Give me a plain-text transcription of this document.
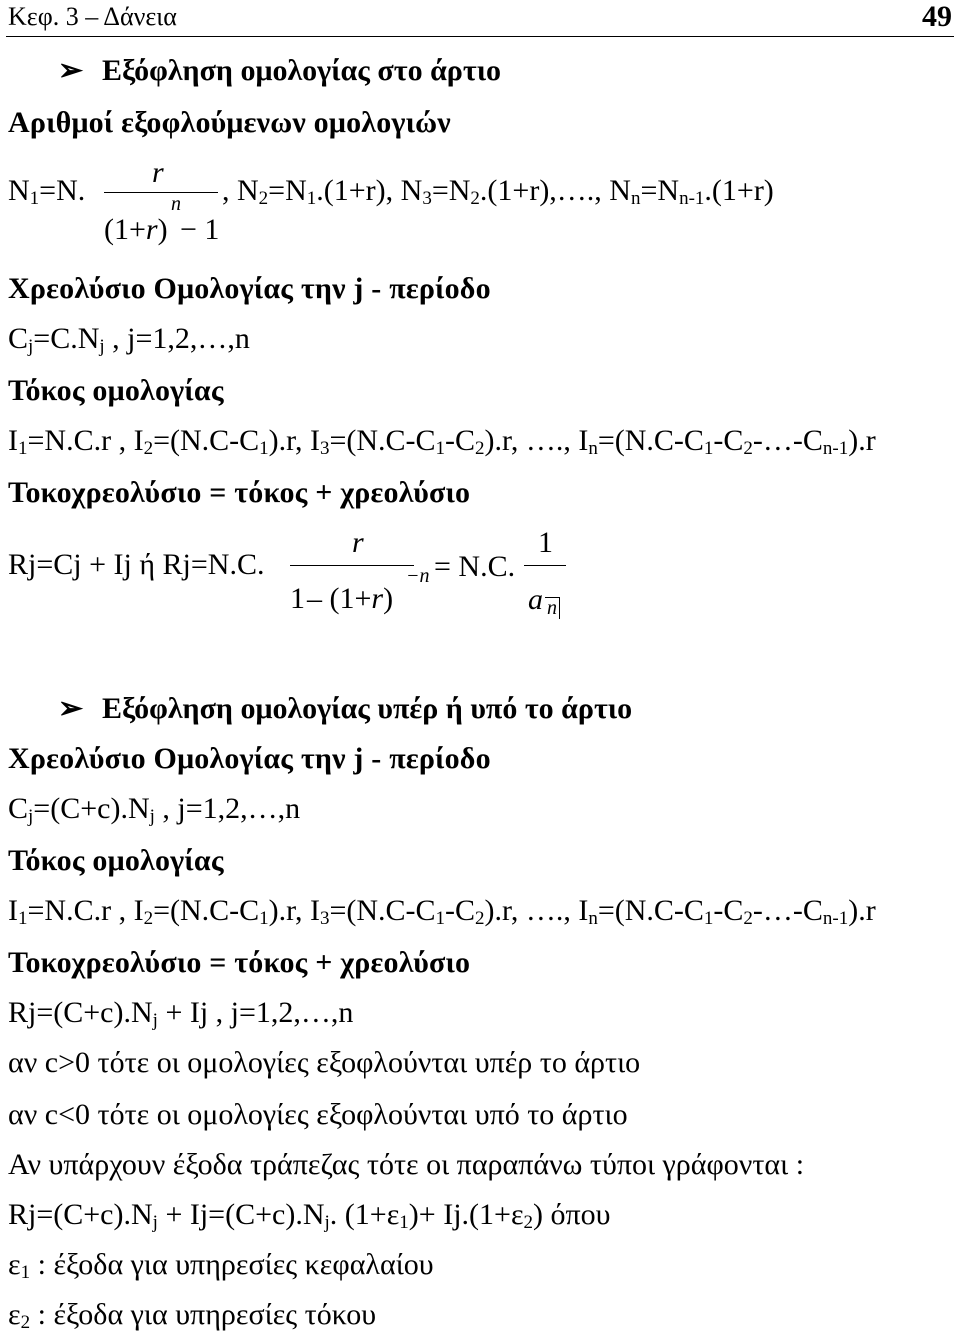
Κεφ. 3 – Δάνεια	49
➢ Εξόφληση ομολογίας στο άρτιο
Αριθμοί εξοφλούμενων ομολογιών
$N_1=N$.
r
(1+r)
n
− 1
, $N_2=N_1.(1+r)$, $N_3=N_2.(1+r),\dots$., $N_n=N_{n-1}.(1+r)$
Χρεολύσιο Ομολογίας την j - περίοδο
$C_j=C.N_j$ , j=1,2,…,n
Τόκος ομολογίας
$I_1=N.C.r$ , $I_2=(N.C-C_1).r$, $I_3=(N.C-C_1-C_2).r$, …., $I_n=(N.C-C_1-C_2-\dots-C_{n-1}).r$
Τοκοχρεολύσιο = τόκος + χρεολύσιο
Rj=Cj + Ij ή Rj=N.C.
r
−n
1 – (1+r)
= N.C.
1
a n
➢ Εξόφληση ομολογίας υπέρ ή υπό το άρτιο
Χρεολύσιο Ομολογίας την j - περίοδο
$C_j=(C+c).N_j$ , j=1,2,…,n
Τόκος ομολογίας
$I_1=N.C.r$ , $I_2=(N.C-C_1).r$, $I_3=(N.C-C_1-C_2).r$, …., $I_n=(N.C-C_1-C_2-\dots-C_{n-1}).r$
Τοκοχρεολύσιο = τόκος + χρεολύσιο
$Rj=(C+c).N_j + Ij$ , j=1,2,…,n
αν c>0 τότε οι ομολογίες εξοφλούνται υπέρ το άρτιο
αν c<0 τότε οι ομολογίες εξοφλούνται υπό το άρτιο
Αν υπάρχουν έξοδα τράπεζας τότε οι παραπάνω τύποι γράφονται :
$Rj=(C+c).N_j + Ij=(C+c).N_j$. $(1+\varepsilon_1)+ Ij.(1+\varepsilon_2)$ όπου
$\varepsilon_1$ : έξοδα για υπηρεσίες κεφαλαίου
$\varepsilon_2$ : έξοδα για υπηρεσίες τόκου
